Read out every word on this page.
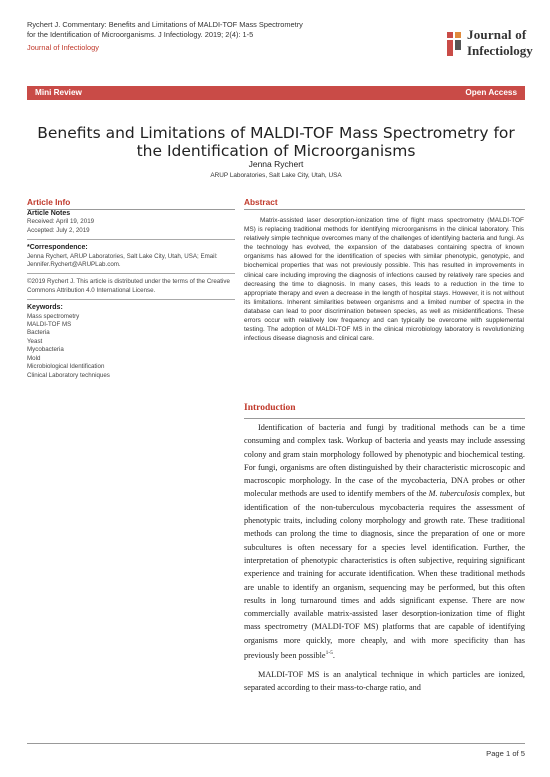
Rychert J. Commentary: Benefits and Limitations of MALDI-TOF Mass Spectrometry
for the Identification of Microorganisms. J Infectiology. 2019; 2(4): 1-5
Journal of Infectiology
Journal of
Infectiology
Mini Review	Open Access
Benefits and Limitations of MALDI-TOF Mass Spectrometry for the Identification of Microorganisms
Jenna Rychert
ARUP Laboratories, Salt Lake City, Utah, USA
Article Info	Abstract
Article Notes
Received: April 19, 2019
Accepted: July 2, 2019
*Correspondence:
Jenna Rychert, ARUP Laboratories, Salt Lake City, Utah, USA; Email: Jennifer.Rychert@ARUPLab.com.
©2019 Rychert J. This article is distributed under the terms of the Creative Commons Attribution 4.0 International License.
Keywords:
Mass spectrometry
MALDI-TOF MS
Bacteria
Yeast
Mycobacteria
Mold
Microbiological Identification
Clinical Laboratory techniques
Matrix-assisted laser desorption-ionization time of flight mass spectrometry (MALDI-TOF MS) is replacing traditional methods for identifying microorganisms in the clinical laboratory. This relatively simple technique overcomes many of the challenges of identifying bacteria and fungi. As the technology has evolved, the expansion of the databases containing spectra of known organisms has allowed for the identification of species with similar phenotypic, genotypic, and biochemical properties that was not previously possible. This has resulted in improvements in clinical care including improving the diagnosis of infections caused by relatively rare species and decreasing the time to diagnosis. In many cases, this leads to a reduction in the time to appropriate therapy and even a decrease in the length of hospital stays. However, it is not without its limitations. Inherent similarities between organisms and a limited number of spectra in the database can lead to poor discrimination between species, as well as misidentifications. These errors occur with relatively low frequency and can typically be overcome with supplemental testing. The adoption of MALDI-TOF MS in the clinical microbiology laboratory is revolutionizing infectious disease diagnosis and clinical care.
Introduction

Identification of bacteria and fungi by traditional methods can be a time consuming and complex task. Workup of bacteria and yeasts may include assessing colony and gram stain morphology followed by phenotypic and biochemical testing. For fungi, organisms are often distinguished by their characteristic microscopic and macroscopic morphology. In the case of the mycobacteria, DNA probes or other molecular methods are used to identify members of the M. tuberculosis complex, but identification of the non-tuberculous mycobacteria requires the assessment of phenotypic traits, including colony morphology and growth rate. These traditional methods can prolong the time to diagnosis, since the preparation of one or more subcultures is often necessary for a species level identification. Further, the interpretation of phenotypic characteristics is often subjective, requiring significant experience and training for accurate identification. When these traditional methods are unable to identify an organism, sequencing may be performed, but this often results in long turnaround times and adds significant expense. There are now commercially available matrix-assisted laser desorption-ionization time of flight mass spectrometry (MALDI-TOF MS) platforms that are capable of identifying organisms more quickly, more cheaply, and with more specificity than has previously been possible$^{1-5}$.

MALDI-TOF MS is an analytical technique in which particles are ionized, separated according to their mass-to-charge ratio, and

Page 1 of 5
